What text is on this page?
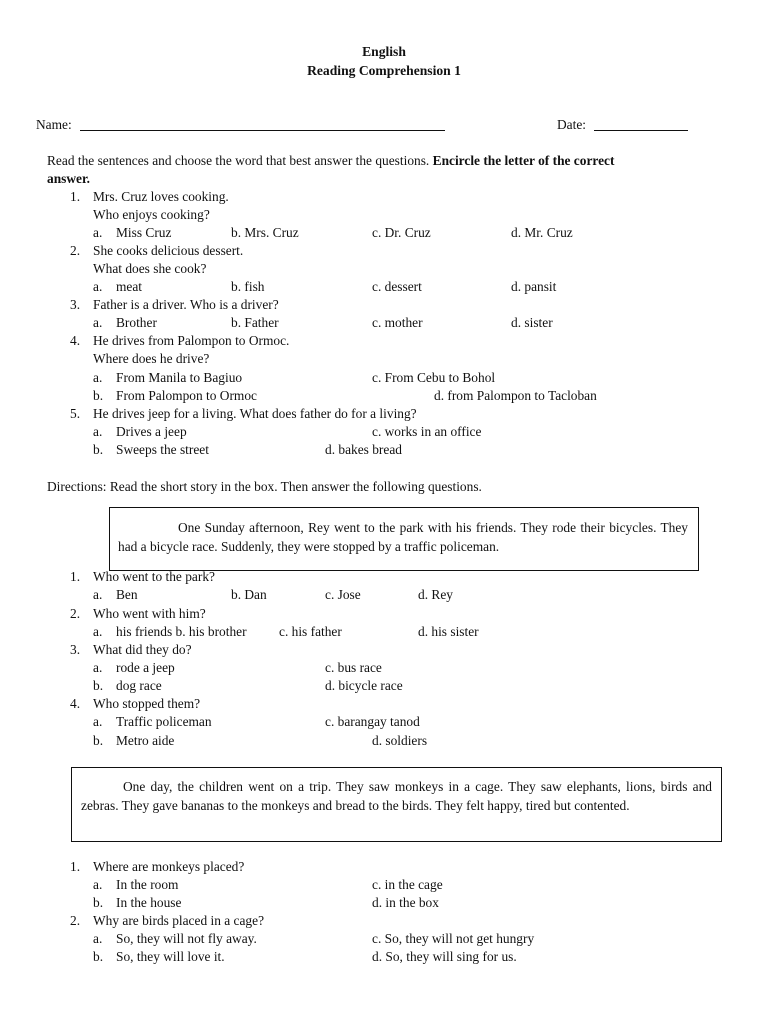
English
Reading Comprehension 1
Name:	Date:
Read the sentences and choose the word that best answer the questions. Encircle the letter of the correct
answer.
1. Mrs. Cruz loves cooking.
Who enjoys cooking?
a. Miss Cruz	b. Mrs. Cruz	c. Dr. Cruz	d. Mr. Cruz
2. She cooks delicious dessert.
What does she cook?
a. meat	b. fish	c. dessert	d. pansit
3. Father is a driver. Who is a driver?
a. Brother	b. Father	c. mother	d. sister
4. He drives from Palompon to Ormoc.
Where does he drive?
a. From Manila to Bagiuo	c. From Cebu to Bohol
b. From Palompon to Ormoc	d. from Palompon to Tacloban
5. He drives jeep for a living. What does father do for a living?
a. Drives a jeep	c. works in an office
b. Sweeps the street	d. bakes bread
Directions: Read the short story in the box. Then answer the following questions.

One Sunday afternoon, Rey went to the park with his friends. They rode their bicycles. They had a bicycle race. Suddenly, they were stopped by a traffic policeman.

1. Who went to the park?
a. Ben	b. Dan	c. Jose	d. Rey
2. Who went with him?
a. his friends b. his brother c. his father	d. his sister
3. What did they do?
a. rode a jeep	c. bus race
b. dog race	d. bicycle race
4. Who stopped them?
a. Traffic policeman	c. barangay tanod
b. Metro aide	d. soldiers

One day, the children went on a trip. They saw monkeys in a cage. They saw elephants, lions, birds and zebras. They gave bananas to the monkeys and bread to the birds. They felt happy, tired but contented.

1. Where are monkeys placed?
a. In the room	c. in the cage
b. In the house	d. in the box
2. Why are birds placed in a cage?
a. So, they will not fly away.	c. So, they will not get hungry
b. So, they will love it.	d. So, they will sing for us.
